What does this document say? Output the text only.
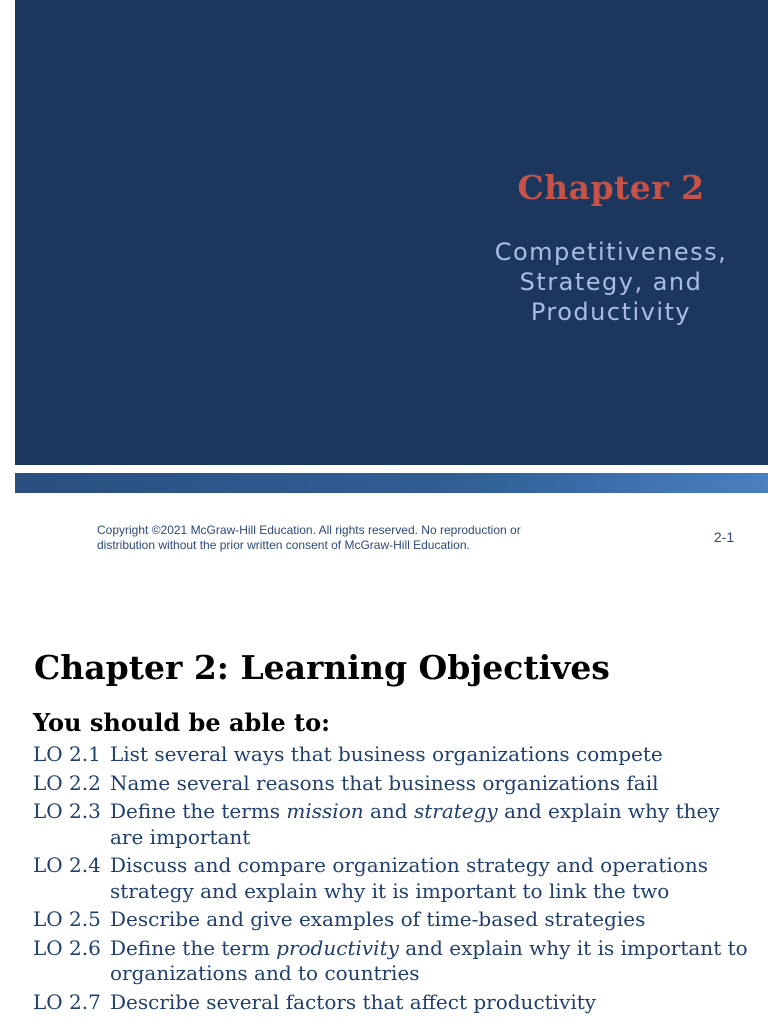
Chapter 2
Competitiveness,
Strategy, and
Productivity
Copyright ©2021 McGraw-Hill Education. All rights reserved. No reproduction or
distribution without the prior written consent of McGraw-Hill Education.	2-1
Chapter 2: Learning Objectives
You should be able to:
LO 2.1 List several ways that business organizations compete
LO 2.2 Name several reasons that business organizations fail
LO 2.3 Define the terms mission and strategy and explain why they are important
LO 2.4 Discuss and compare organization strategy and operations strategy and explain why it is important to link the two
LO 2.5 Describe and give examples of time-based strategies
LO 2.6 Define the term productivity and explain why it is important to organizations and to countries
LO 2.7 Describe several factors that affect productivity
